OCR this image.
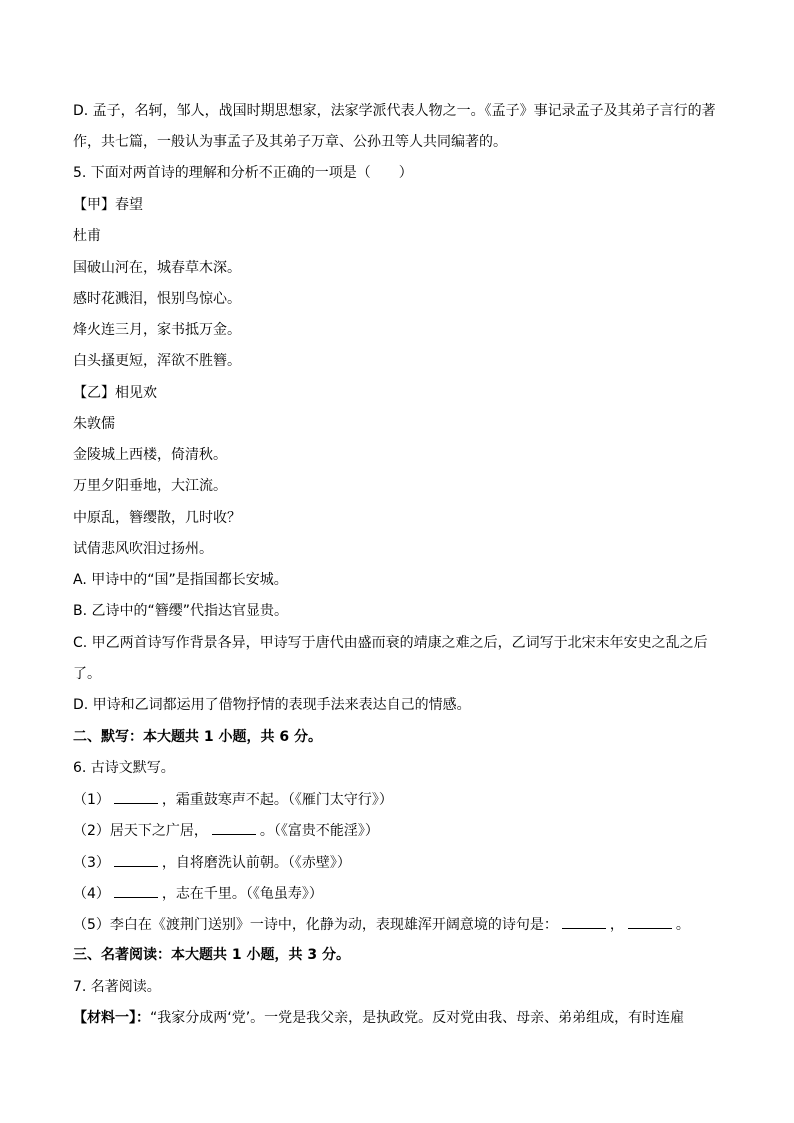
D. 孟子，名轲，邹人，战国时期思想家，法家学派代表人物之一。《孟子》事记录孟子及其弟子言行的著
作，共七篇，一般认为事孟子及其弟子万章、公孙丑等人共同编著的。
5. 下面对两首诗的理解和分析不正确的一项是（　　）
【甲】春望
杜甫
国破山河在，城春草木深。
感时花溅泪，恨别鸟惊心。
烽火连三月，家书抵万金。
白头搔更短，浑欲不胜簪。
【乙】相见欢
朱敦儒
金陵城上西楼，倚清秋。
万里夕阳垂地，大江流。
中原乱，簪缨散，几时收？
试倩悲风吹泪过扬州。
A. 甲诗中的“国”是指国都长安城。
B. 乙诗中的“簪缨”代指达官显贵。
C. 甲乙两首诗写作背景各异，甲诗写于唐代由盛而衰的靖康之难之后，乙词写于北宋末年安史之乱之后
了。
D. 甲诗和乙词都运用了借物抒情的表现手法来表达自己的情感。
二、默写：本大题共 1 小题，共 6 分。
6. 古诗文默写。
（1）	，霜重鼓寒声不起。（《雁门太守行》）
（2）居天下之广居，	。（《富贵不能淫》）
（3）	，自将磨洗认前朝。（《赤壁》）
（4）	，志在千里。（《龟虽寿》）
（5）李白在《渡荆门送别》一诗中，化静为动，表现雄浑开阔意境的诗句是：	，	。
三、名著阅读：本大题共 1 小题，共 3 分。
7. 名著阅读。
【材料一】：“我家分成两‘党’。一党是我父亲，是执政党。反对党由我、母亲、弟弟组成，有时连雇
